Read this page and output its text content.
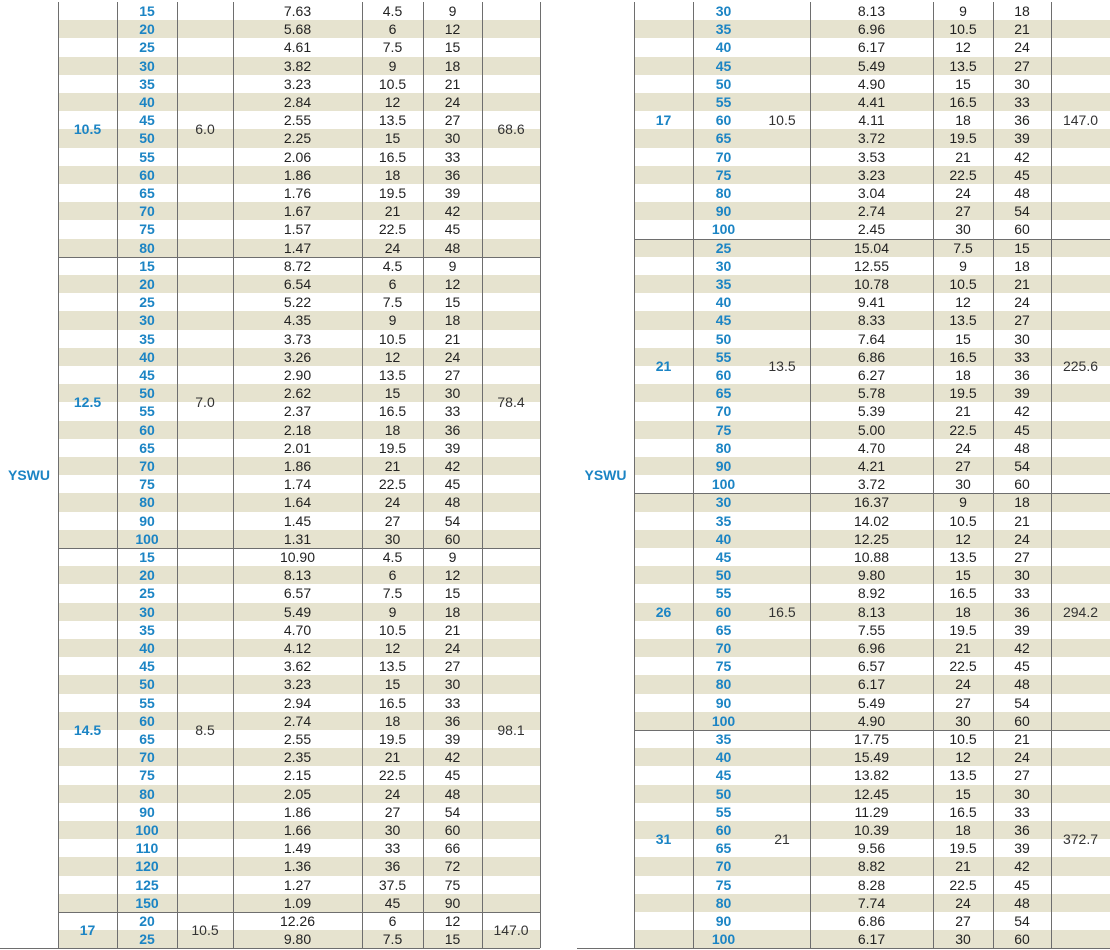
15	7.63	4.5	9
20	5.68	6	12
25	4.61	7.5	15
30	3.82	9	18
35	3.23	10.5	21
40	2.84	12	24
45	2.55	13.5	27
50	2.25	15	30
55	2.06	16.5	33
60	1.86	18	36
65	1.76	19.5	39
70	1.67	21	42
75	1.57	22.5	45
80	1.47	24	48
10.5	6.0	68.6
15	8.72	4.5	9
20	6.54	6	12
25	5.22	7.5	15
30	4.35	9	18
35	3.73	10.5	21
40	3.26	12	24
45	2.90	13.5	27
50	2.62	15	30
55	2.37	16.5	33
60	2.18	18	36
65	2.01	19.5	39
70	1.86	21	42
75	1.74	22.5	45
80	1.64	24	48
90	1.45	27	54
100	1.31	30	60
12.5	7.0	78.4
15	10.90	4.5	9
20	8.13	6	12
25	6.57	7.5	15
30	5.49	9	18
35	4.70	10.5	21
40	4.12	12	24
45	3.62	13.5	27
50	3.23	15	30
55	2.94	16.5	33
60	2.74	18	36
65	2.55	19.5	39
70	2.35	21	42
75	2.15	22.5	45
80	2.05	24	48
90	1.86	27	54
100	1.66	30	60
110	1.49	33	66
120	1.36	36	72
125	1.27	37.5	75
150	1.09	45	90
14.5	8.5	98.1
20	12.26	6	12
25	9.80	7.5	15
17	10.5	147.0
YSWU
30	8.13	9	18
35	6.96	10.5	21
40	6.17	12	24
45	5.49	13.5	27
50	4.90	15	30
55	4.41	16.5	33
60	4.11	18	36
65	3.72	19.5	39
70	3.53	21	42
75	3.23	22.5	45
80	3.04	24	48
90	2.74	27	54
100	2.45	30	60
17	10.5	147.0
25	15.04	7.5	15
30	12.55	9	18
35	10.78	10.5	21
40	9.41	12	24
45	8.33	13.5	27
50	7.64	15	30
55	6.86	16.5	33
60	6.27	18	36
65	5.78	19.5	39
70	5.39	21	42
75	5.00	22.5	45
80	4.70	24	48
90	4.21	27	54
100	3.72	30	60
21	13.5	225.6
30	16.37	9	18
35	14.02	10.5	21
40	12.25	12	24
45	10.88	13.5	27
50	9.80	15	30
55	8.92	16.5	33
60	8.13	18	36
65	7.55	19.5	39
70	6.96	21	42
75	6.57	22.5	45
80	6.17	24	48
90	5.49	27	54
100	4.90	30	60
26	16.5	294.2
35	17.75	10.5	21
40	15.49	12	24
45	13.82	13.5	27
50	12.45	15	30
55	11.29	16.5	33
60	10.39	18	36
65	9.56	19.5	39
70	8.82	21	42
75	8.28	22.5	45
80	7.74	24	48
90	6.86	27	54
100	6.17	30	60
31	21	372.7
YSWU
